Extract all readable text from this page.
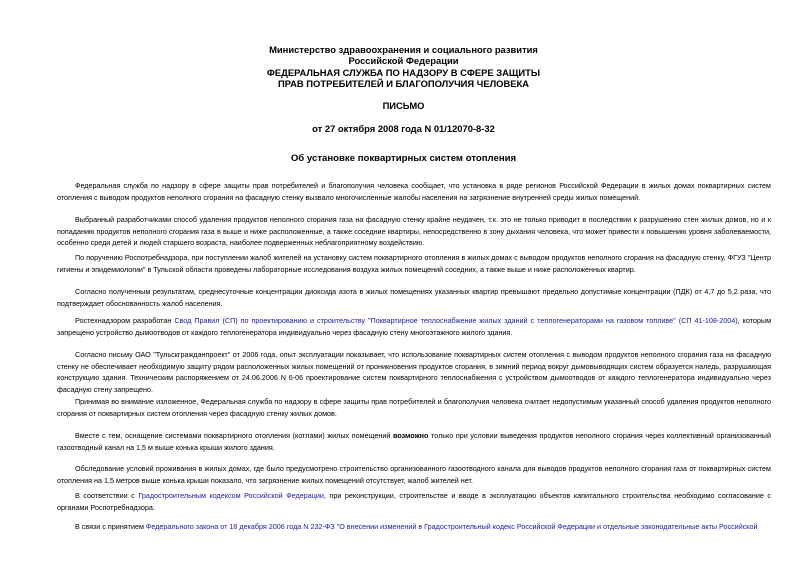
Министерство здравоохранения и социального развития
Российской Федерации
ФЕДЕРАЛЬНАЯ СЛУЖБА ПО НАДЗОРУ В СФЕРЕ ЗАЩИТЫ
ПРАВ ПОТРЕБИТЕЛЕЙ И БЛАГОПОЛУЧИЯ ЧЕЛОВЕКА
ПИСЬМО
от 27 октября 2008 года N 01/12070-8-32
Об установке поквартирных систем отопления

Федеральная служба по надзору в сфере защиты прав потребителей и благополучия человека сообщает, что установка в ряде регионов Российской Федерации в жилых домах поквартирных систем отопления с выводом продуктов неполного сгорания на фасадную стенку вызвало многочисленные жалобы населения на загрязнение внутренней среды жилых помещений.

Выбранный разработчиками способ удаления продуктов неполного сгорания газа на фасадную стенку крайне неудачен, т.к. это не только приводит в последствии к разрушению стен жилых домов, но и к попаданию продуктов неполного сгорания газа в выше и ниже расположенные, а также соседние квартиры, непосредственно в зону дыхания человека, что может привести к повышению уровня заболеваемости, особенно среди детей и людей старшего возраста, наиболее подверженных неблагоприятному воздействию.

По поручению Роспотребнадзора, при поступлении жалоб жителей на установку систем поквартирного отопления в жилых домах с выводом продуктов неполного сгорания на фасадную стенку, ФГУЗ "Центр гигиены и эпидемиологии" в Тульской области проведены лабораторные исследования воздуха жилых помещений соседних, а также выше и ниже расположенных квартир.

Согласно полученным результатам, среднесуточные концентрации диоксида азота в жилых помещениях указанных квартир превышают предельно допустимые концентрации (ПДК) от 4,7 до 5,2 раза, что подтверждает обоснованность жалоб населения.

Ростехнадзором разработан Свод Правил (СП) по проектированию и строительству "Поквартирное теплоснабжение жилых зданий с теплогенераторами на газовом топливе" (СП 41-108-2004), которым запрещено устройство дымоотводов от каждого теплогенератора индивидуально через фасадную стену многоэтажного жилого здания.

Согласно письму ОАО "Тульскгражданпроект" от 2006 года, опыт эксплуатации показывает, что использование поквартирных систем отопления с выводом продуктов неполного сгорания газа на фасадную стенку не обеспечивает необходимую защиту рядом расположенных жилых помещений от проникновения продуктов сгорания, в зимний период вокруг дымовыводящих систем образуется наледь, разрушающая конструкцию здания. Техническим распоряжением от 24.06.2006 N 6-06 проектирование систем поквартирного теплоснабжения с устройством дымоотводов от каждого теплогенератора индивидуально через фасадную стену запрещено.

Принимая во внимание изложенное, Федеральная служба по надзору в сфере защиты прав потребителей и благополучия человека считает недопустимым указанный способ удаления продуктов неполного сгорания от поквартирных систем отопления через фасадную стенку жилых домов.

Вместе с тем, оснащение системами поквартирного отопления (котлами) жилых помещений возможно только при условии выведения продуктов неполного сгорания через коллективный организованный газоотводный канал на 1,5 м выше конька крыши жилого здания.

Обследование условий проживания в жилых домах, где было предусмотрено строительство организованного газоотводного канала для выводов продуктов неполного сгорания газа от поквартирных систем отопления на 1,5 метров выше конька крыши показало, что загрязнение жилых помещений отсутствует, жалоб жителей нет.

В соответствии с Градостроительным кодексом Российской Федерации, при реконструкции, строительстве и вводе в эксплуатацию объектов капитального строительства необходимо согласование с органами Роспотребнадзора.

В связи с принятием Федерального закона от 18 декабря 2006 года N 232-ФЗ "О внесении изменений в Градостроительный кодекс Российской Федерации и отдельные законодательные акты Российской
